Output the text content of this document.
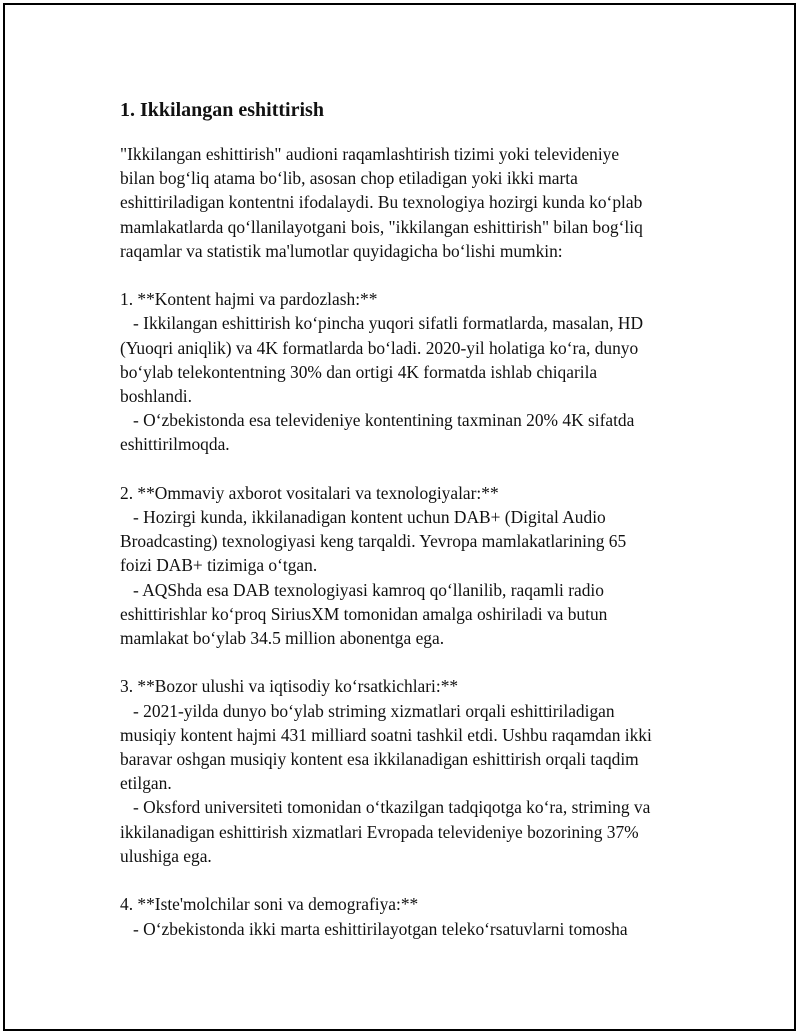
1. Ikkilangan eshittirish

"Ikkilangan eshittirish" audioni raqamlashtirish tizimi yoki televideniye
bilan bog‘liq atama bo‘lib, asosan chop etiladigan yoki ikki marta
eshittiriladigan kontentni ifodalaydi. Bu texnologiya hozirgi kunda ko‘plab
mamlakatlarda qo‘llanilayotgani bois, "ikkilangan eshittirish" bilan bog‘liq
raqamlar va statistik ma'lumotlar quyidagicha bo‘lishi mumkin:

1. **Kontent hajmi va pardozlash:**
- Ikkilangan eshittirish ko‘pincha yuqori sifatli formatlarda, masalan, HD
(Yuoqri aniqlik) va 4K formatlarda bo‘ladi. 2020-yil holatiga ko‘ra, dunyo
bo‘ylab telekontentning 30% dan ortigi 4K formatda ishlab chiqarila
boshlandi.
- O‘zbekistonda esa televideniye kontentining taxminan 20% 4K sifatda
eshittirilmoqda.

2. **Ommaviy axborot vositalari va texnologiyalar:**
- Hozirgi kunda, ikkilanadigan kontent uchun DAB+ (Digital Audio
Broadcasting) texnologiyasi keng tarqaldi. Yevropa mamlakatlarining 65
foizi DAB+ tizimiga o‘tgan.
- AQShda esa DAB texnologiyasi kamroq qo‘llanilib, raqamli radio
eshittirishlar ko‘proq SiriusXM tomonidan amalga oshiriladi va butun
mamlakat bo‘ylab 34.5 million abonentga ega.

3. **Bozor ulushi va iqtisodiy ko‘rsatkichlari:**
- 2021-yilda dunyo bo‘ylab striming xizmatlari orqali eshittiriladigan
musiqiy kontent hajmi 431 milliard soatni tashkil etdi. Ushbu raqamdan ikki
baravar oshgan musiqiy kontent esa ikkilanadigan eshittirish orqali taqdim
etilgan.
- Oksford universiteti tomonidan o‘tkazilgan tadqiqotga ko‘ra, striming va
ikkilanadigan eshittirish xizmatlari Evropada televideniye bozorining 37%
ulushiga ega.

4. **Iste'molchilar soni va demografiya:**
- O‘zbekistonda ikki marta eshittirilayotgan teleko‘rsatuvlarni tomosha
